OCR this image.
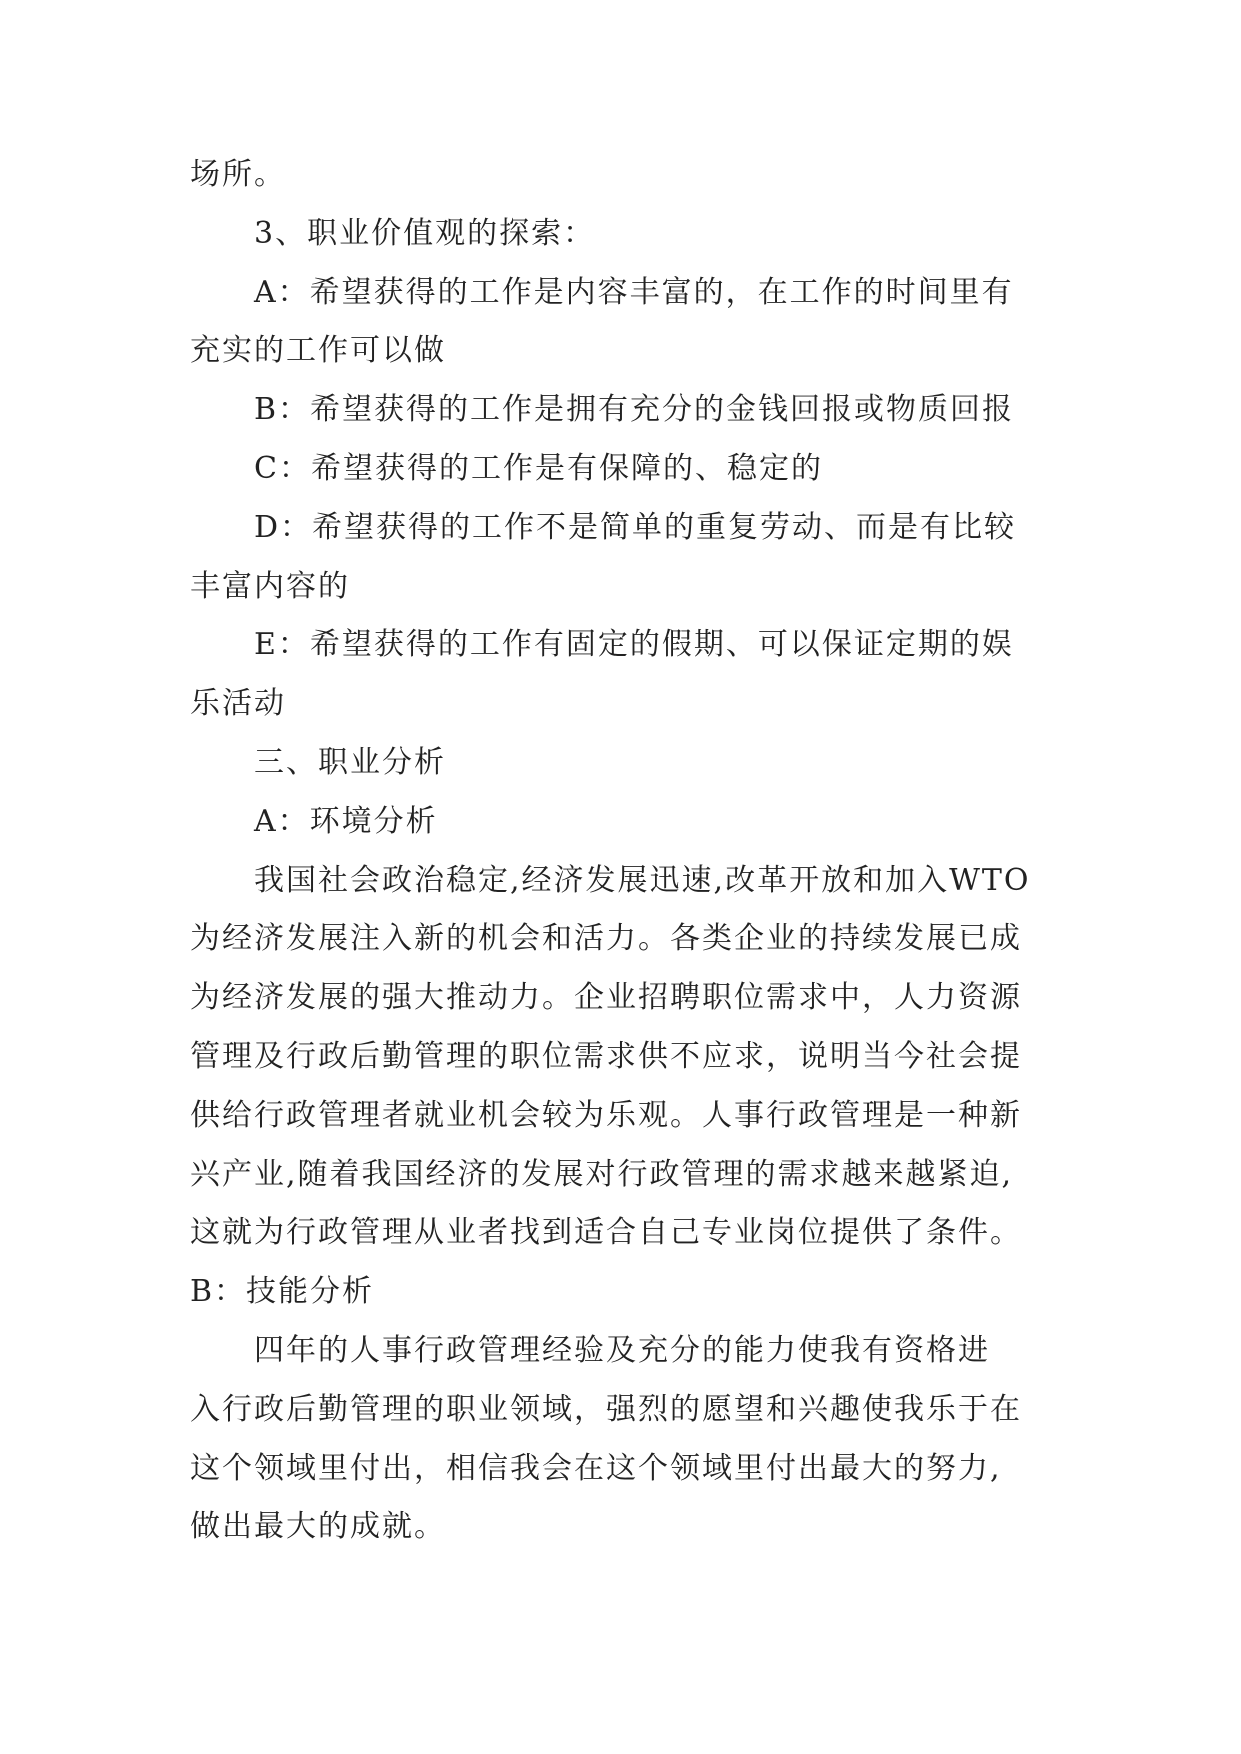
场所。
3、职业价值观的探索：
A：希望获得的工作是内容丰富的，在工作的时间里有
充实的工作可以做
B：希望获得的工作是拥有充分的金钱回报或物质回报
C：希望获得的工作是有保障的、稳定的
D：希望获得的工作不是简单的重复劳动、而是有比较
丰富内容的
E：希望获得的工作有固定的假期、可以保证定期的娱
乐活动
三、职业分析
A：环境分析
我国社会政治稳定,经济发展迅速,改革开放和加入WTO
为经济发展注入新的机会和活力。各类企业的持续发展已成
为经济发展的强大推动力。企业招聘职位需求中，人力资源
管理及行政后勤管理的职位需求供不应求，说明当今社会提
供给行政管理者就业机会较为乐观。人事行政管理是一种新
兴产业,随着我国经济的发展对行政管理的需求越来越紧迫,
这就为行政管理从业者找到适合自己专业岗位提供了条件。
B：技能分析
四年的人事行政管理经验及充分的能力使我有资格进
入行政后勤管理的职业领域，强烈的愿望和兴趣使我乐于在
这个领域里付出，相信我会在这个领域里付出最大的努力,
做出最大的成就。
